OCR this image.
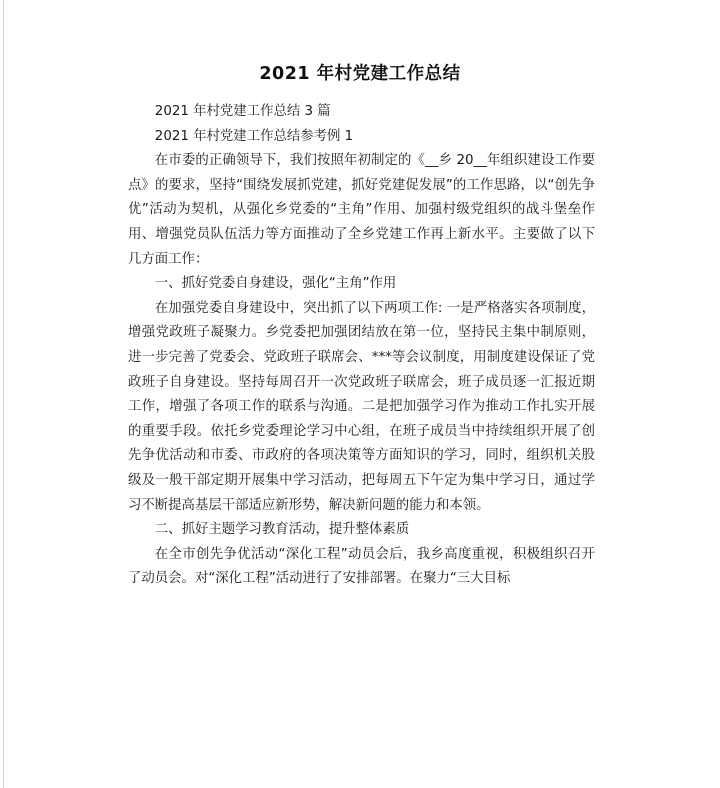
2021 年村党建工作总结

2021 年村党建工作总结 3 篇

2021 年村党建工作总结参考例 1

在市委的正确领导下，我们按照年初制定的《__乡 20__年组织建设工作要点》的要求，坚持“围绕发展抓党建，抓好党建促发展”的工作思路，以“创先争优”活动为契机，从强化乡党委的“主角”作用、加强村级党组织的战斗堡垒作用、增强党员队伍活力等方面推动了全乡党建工作再上新水平。主要做了以下几方面工作：

一、抓好党委自身建设，强化“主角”作用

在加强党委自身建设中，突出抓了以下两项工作: 一是严格落实各项制度，增强党政班子凝聚力。乡党委把加强团结放在第一位，坚持民主集中制原则，进一步完善了党委会、党政班子联席会、***等会议制度，用制度建设保证了党政班子自身建设。坚持每周召开一次党政班子联席会，班子成员逐一汇报近期工作，增强了各项工作的联系与沟通。二是把加强学习作为推动工作扎实开展的重要手段。依托乡党委理论学习中心组，在班子成员当中持续组织开展了创先争优活动和市委、市政府的各项决策等方面知识的学习，同时，组织机关股级及一般干部定期开展集中学习活动，把每周五下午定为集中学习日，通过学习不断提高基层干部适应新形势，解决新问题的能力和本领。

二、抓好主题学习教育活动，提升整体素质

在全市创先争优活动“深化工程”动员会后，我乡高度重视，积极组织召开了动员会。对“深化工程”活动进行了安排部署。在聚力“三大目标
